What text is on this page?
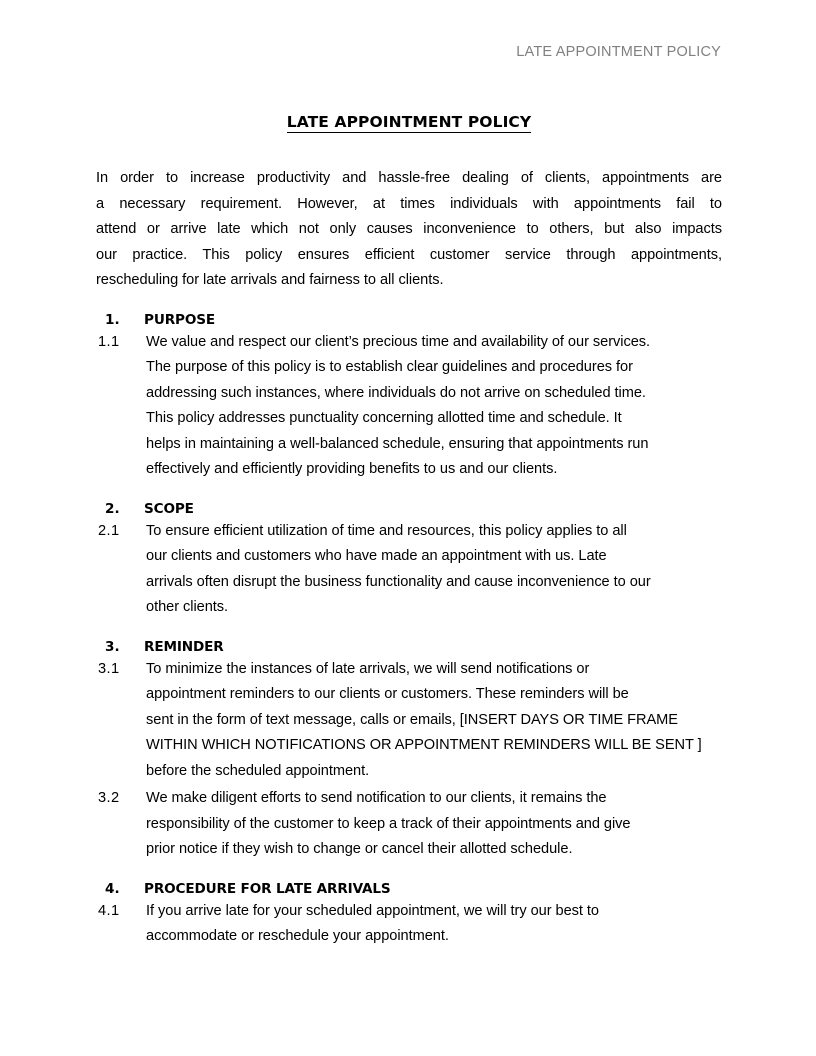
LATE APPOINTMENT POLICY
LATE APPOINTMENT POLICY

In order to increase productivity and hassle-free dealing of clients, appointments are
a necessary requirement. However, at times individuals with appointments fail to
attend or arrive late which not only causes inconvenience to others, but also impacts
our practice. This policy ensures efficient customer service through appointments,
rescheduling for late arrivals and fairness to all clients.

1.	PURPOSE
1.1	We value and respect our client’s precious time and availability of our services.
The purpose of this policy is to establish clear guidelines and procedures for
addressing such instances, where individuals do not arrive on scheduled time.
This policy addresses punctuality concerning allotted time and schedule. It
helps in maintaining a well-balanced schedule, ensuring that appointments run
effectively and efficiently providing benefits to us and our clients.
2.	SCOPE
2.1	To ensure efficient utilization of time and resources, this policy applies to all
our clients and customers who have made an appointment with us. Late
arrivals often disrupt the business functionality and cause inconvenience to our
other clients.
3.	REMINDER
3.1	To minimize the instances of late arrivals, we will send notifications or
appointment reminders to our clients or customers. These reminders will be
sent in the form of text message, calls or emails, [INSERT DAYS OR TIME FRAME
WITHIN WHICH NOTIFICATIONS OR APPOINTMENT REMINDERS WILL BE SENT ]
before the scheduled appointment.
3.2	We make diligent efforts to send notification to our clients, it remains the
responsibility of the customer to keep a track of their appointments and give
prior notice if they wish to change or cancel their allotted schedule.
4.	PROCEDURE FOR LATE ARRIVALS
4.1	If you arrive late for your scheduled appointment, we will try our best to
accommodate or reschedule your appointment.
